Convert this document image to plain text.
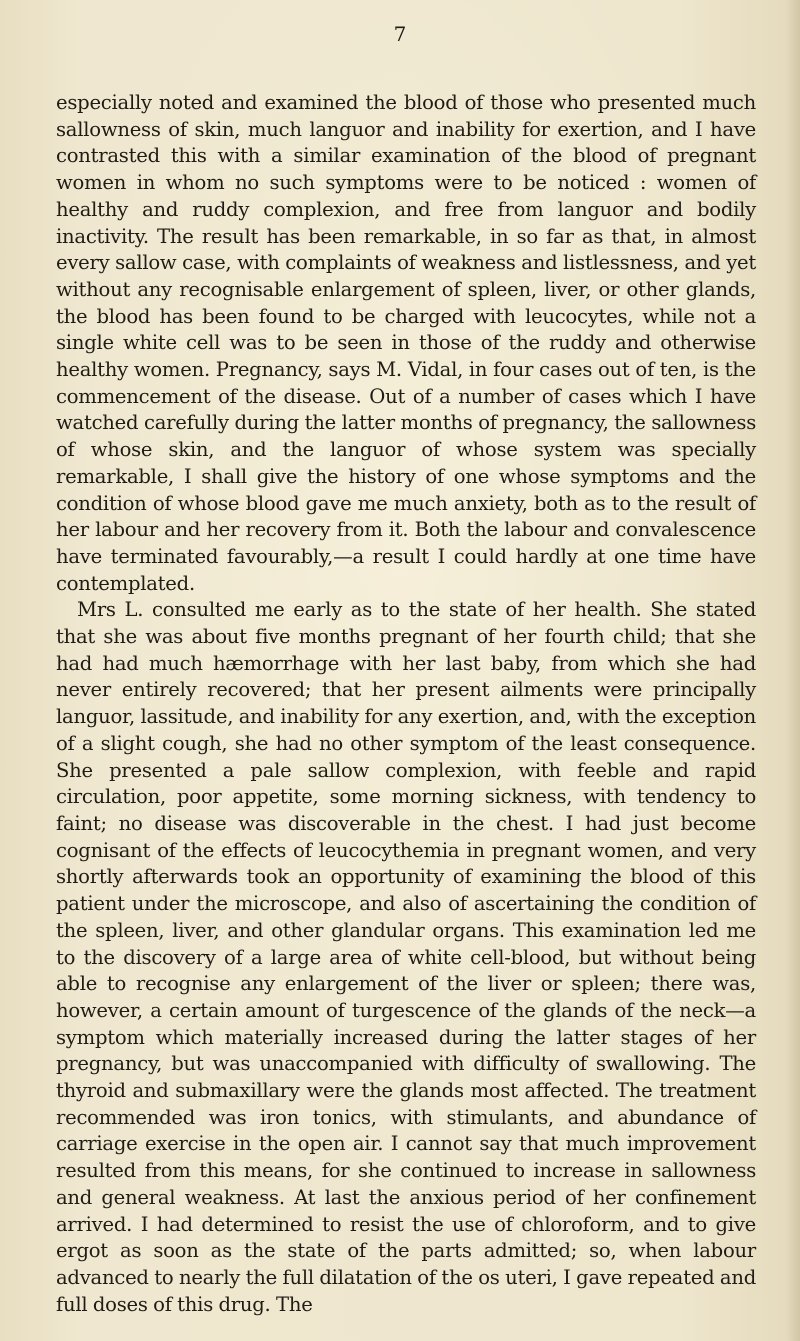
7

especially noted and examined the blood of those who presented much sallowness of skin, much languor and inability for exertion, and I have contrasted this with a similar examination of the blood of pregnant women in whom no such symptoms were to be noticed : women of healthy and ruddy complexion, and free from languor and bodily inactivity. The result has been remarkable, in so far as that, in almost every sallow case, with complaints of weakness and listlessness, and yet without any recognisable enlargement of spleen, liver, or other glands, the blood has been found to be charged with leucocytes, while not a single white cell was to be seen in those of the ruddy and otherwise healthy women. Pregnancy, says M. Vidal, in four cases out of ten, is the commencement of the disease. Out of a number of cases which I have watched carefully during the latter months of pregnancy, the sallowness of whose skin, and the languor of whose system was specially remarkable, I shall give the history of one whose symptoms and the condition of whose blood gave me much anxiety, both as to the result of her labour and her recovery from it. Both the labour and convalescence have terminated favourably,—a result I could hardly at one time have contemplated.

Mrs L. consulted me early as to the state of her health. She stated that she was about five months pregnant of her fourth child; that she had had much hæmorrhage with her last baby, from which she had never entirely recovered; that her present ailments were principally languor, lassitude, and inability for any exertion, and, with the exception of a slight cough, she had no other symptom of the least consequence. She presented a pale sallow complexion, with feeble and rapid circulation, poor appetite, some morning sickness, with tendency to faint; no disease was discoverable in the chest. I had just become cognisant of the effects of leucocythemia in pregnant women, and very shortly afterwards took an opportunity of examining the blood of this patient under the microscope, and also of ascertaining the condition of the spleen, liver, and other glandular organs. This examination led me to the discovery of a large area of white cell-blood, but without being able to recognise any enlargement of the liver or spleen; there was, however, a certain amount of turgescence of the glands of the neck—a symptom which materially increased during the latter stages of her pregnancy, but was unaccompanied with difficulty of swallowing. The thyroid and submaxillary were the glands most affected. The treatment recommended was iron tonics, with stimulants, and abundance of carriage exercise in the open air. I cannot say that much improvement resulted from this means, for she continued to increase in sallowness and general weakness. At last the anxious period of her confinement arrived. I had determined to resist the use of chloroform, and to give ergot as soon as the state of the parts admitted; so, when labour advanced to nearly the full dilatation of the os uteri, I gave repeated and full doses of this drug. The
